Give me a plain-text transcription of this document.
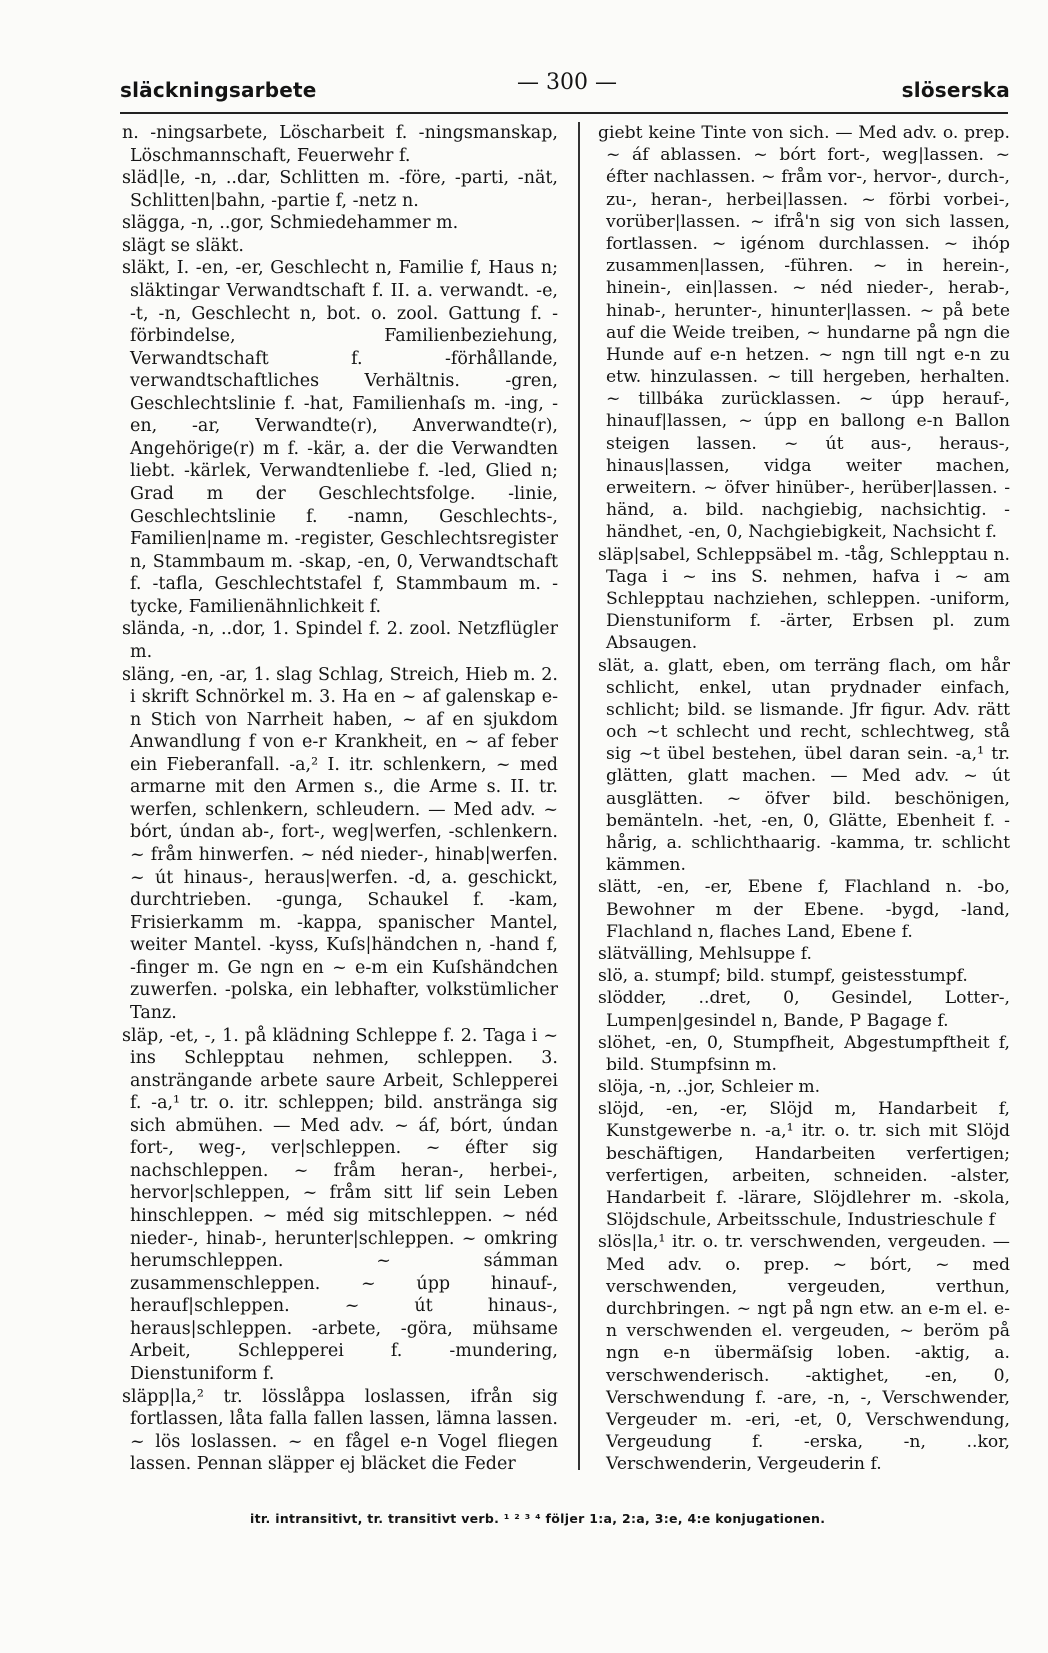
släckningsarbete	— 300 —	slöserska

n. -ningsarbete, Löscharbeit f. -ningsmanskap, Löschmannschaft, Feuerwehr f.

släd|le, -n, ..dar, Schlitten m. -före, -parti, -nät, Schlitten|bahn, -partie f, -netz n.

slägga, -n, ..gor, Schmiedehammer m.

slägt se släkt.

släkt, I. -en, -er, Geschlecht n, Familie f, Haus n; släktingar Verwandtschaft f. II. a. verwandt. -e, -t, -n, Geschlecht n, bot. o. zool. Gattung f. -förbindelse, Familienbeziehung, Verwandtschaft f. -förhållande, verwandtschaftliches Verhältnis. -gren, Geschlechtslinie f. -hat, Familienhaſs m. -ing, -en, -ar, Verwandte(r), Anverwandte(r), Angehörige(r) m f. -kär, a. der die Verwandten liebt. -kärlek, Verwandtenliebe f. -led, Glied n; Grad m der Geschlechtsfolge. -linie, Geschlechtslinie f. -namn, Geschlechts-, Familien|name m. -register, Geschlechtsregister n, Stammbaum m. -skap, -en, 0, Verwandtschaft f. -tafla, Geschlechtstafel f, Stammbaum m. -tycke, Familienähnlichkeit f.

slända, -n, ..dor, 1. Spindel f. 2. zool. Netzflügler m.

släng, -en, -ar, 1. slag Schlag, Streich, Hieb m. 2. i skrift Schnörkel m. 3. Ha en ~ af galenskap e-n Stich von Narrheit haben, ~ af en sjukdom Anwandlung f von e-r Krankheit, en ~ af feber ein Fieberanfall. -a,² I. itr. schlenkern, ~ med armarne mit den Armen s., die Arme s. II. tr. werfen, schlenkern, schleudern. — Med adv. ~ bórt, úndan ab-, fort-, weg|werfen, -schlenkern. ~ fråm hinwerfen. ~ néd nieder-, hinab|werfen. ~ út hinaus-, heraus|werfen. -d, a. geschickt, durchtrieben. -gunga, Schaukel f. -kam, Frisierkamm m. -kappa, spanischer Mantel, weiter Mantel. -kyss, Kuſs|händchen n, -hand f, -finger m. Ge ngn en ~ e-m ein Kuſshändchen zuwerfen. -polska, ein lebhafter, volkstümlicher Tanz.

släp, -et, -, 1. på klädning Schleppe f. 2. Taga i ~ ins Schlepptau nehmen, schleppen. 3. ansträngande arbete saure Arbeit, Schlepperei f. -a,¹ tr. o. itr. schleppen; bild. anstränga sig sich abmühen. — Med adv. ~ áf, bórt, úndan fort-, weg-, ver|schleppen. ~ éfter sig nachschleppen. ~ fråm heran-, herbei-, hervor|schleppen, ~ fråm sitt lif sein Leben hinschleppen. ~ méd sig mitschleppen. ~ néd nieder-, hinab-, herunter|schleppen. ~ omkring herumschleppen. ~ sámman zusammenschleppen. ~ úpp hinauf-, herauf|schleppen. ~ út hinaus-, heraus|schleppen. -arbete, -göra, mühsame Arbeit, Schlepperei f. -mundering, Dienstuniform f.

släpp|la,² tr. lösslåppa loslassen, ifrån sig fortlassen, låta falla fallen lassen, lämna lassen. ~ lös loslassen. ~ en fågel e-n Vogel fliegen lassen. Pennan släpper ej bläcket die Feder

giebt keine Tinte von sich. — Med adv. o. prep. ~ áf ablassen. ~ bórt fort-, weg|lassen. ~ éfter nachlassen. ~ fråm vor-, hervor-, durch-, zu-, heran-, herbei|lassen. ~ förbi vorbei-, vorüber|lassen. ~ ifrå'n sig von sich lassen, fortlassen. ~ igénom durchlassen. ~ ihóp zusammen|lassen, -führen. ~ in herein-, hinein-, ein|lassen. ~ néd nieder-, herab-, hinab-, herunter-, hinunter|lassen. ~ på bete auf die Weide treiben, ~ hundarne på ngn die Hunde auf e-n hetzen. ~ ngn till ngt e-n zu etw. hinzulassen. ~ till hergeben, herhalten. ~ tillbáka zurücklassen. ~ úpp herauf-, hinauf|lassen, ~ úpp en ballong e-n Ballon steigen lassen. ~ út aus-, heraus-, hinaus|lassen, vidga weiter machen, erweitern. ~ öfver hinüber-, herüber|lassen. -händ, a. bild. nachgiebig, nachsichtig. -händhet, -en, 0, Nachgiebigkeit, Nachsicht f.

släp|sabel, Schleppsäbel m. -tåg, Schlepptau n. Taga i ~ ins S. nehmen, hafva i ~ am Schlepptau nachziehen, schleppen. -uniform, Dienstuniform f. -ärter, Erbsen pl. zum Absaugen.

slät, a. glatt, eben, om terräng flach, om hår schlicht, enkel, utan prydnader einfach, schlicht; bild. se lismande. Jfr figur. Adv. rätt och ~t schlecht und recht, schlechtweg, stå sig ~t übel bestehen, übel daran sein. -a,¹ tr. glätten, glatt machen. — Med adv. ~ út ausglätten. ~ öfver bild. beschönigen, bemänteln. -het, -en, 0, Glätte, Ebenheit f. -hårig, a. schlichthaarig. -kamma, tr. schlicht kämmen.

slätt, -en, -er, Ebene f, Flachland n. -bo, Bewohner m der Ebene. -bygd, -land, Flachland n, flaches Land, Ebene f.

slätvälling, Mehlsuppe f.

slö, a. stumpf; bild. stumpf, geistesstumpf.

slödder, ..dret, 0, Gesindel, Lotter-, Lumpen|gesindel n, Bande, P Bagage f.

slöhet, -en, 0, Stumpfheit, Abgestumpftheit f, bild. Stumpfsinn m.

slöja, -n, ..jor, Schleier m.

slöjd, -en, -er, Slöjd m, Handarbeit f, Kunstgewerbe n. -a,¹ itr. o. tr. sich mit Slöjd beschäftigen, Handarbeiten verfertigen; verfertigen, arbeiten, schneiden. -alster, Handarbeit f. -lärare, Slöjdlehrer m. -skola, Slöjdschule, Arbeitsschule, Industrieschule f

slös|la,¹ itr. o. tr. verschwenden, vergeuden. — Med adv. o. prep. ~ bórt, ~ med verschwenden, vergeuden, verthun, durchbringen. ~ ngt på ngn etw. an e-m el. e-n verschwenden el. vergeuden, ~ beröm på ngn e-n übermäſsig loben. -aktig, a. verschwenderisch. -aktighet, -en, 0, Verschwendung f. -are, -n, -, Verschwender, Vergeuder m. -eri, -et, 0, Verschwendung, Vergeudung f. -erska, -n, ..kor, Verschwenderin, Vergeuderin f.

itr. intransitivt, tr. transitivt verb. ¹ ² ³ ⁴ följer 1:a, 2:a, 3:e, 4:e konjugationen.
